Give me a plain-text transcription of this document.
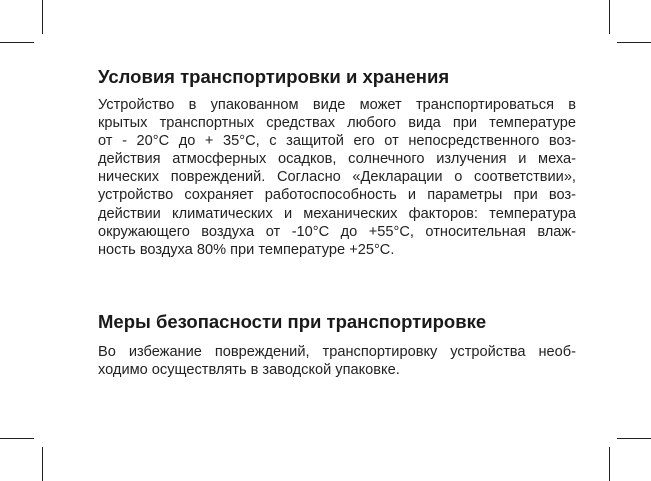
Условия транспортировки и хранения
Устройство в упакованном виде может транспортироваться в
крытых транспортных средствах любого вида при температуре
от - 20°С до + 35°С, с защитой его от непосредственного воз-
действия атмосферных осадков, солнечного излучения и меха-
нических повреждений. Согласно «Декларации о соответствии»,
устройство сохраняет работоспособность и параметры при воз-
действии климатических и механических факторов: температура
окружающего воздуха от -10°С до +55°С, относительная влаж-
ность воздуха 80% при температуре +25°С.
Меры безопасности при транспортировке
Во избежание повреждений, транспортировку устройства необ-
ходимо осуществлять в заводской упаковке.
